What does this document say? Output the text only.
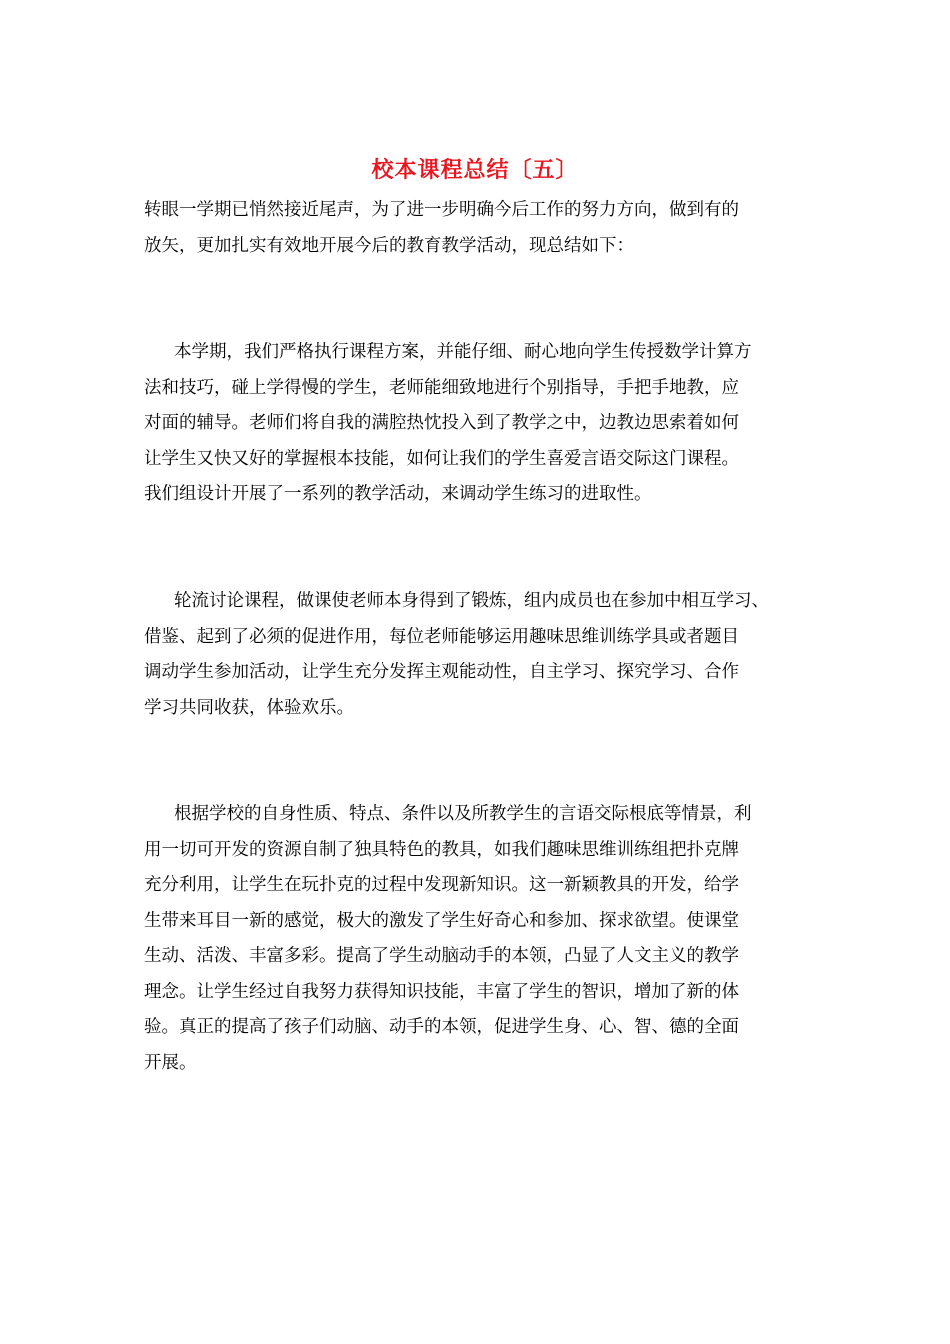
校本课程总结〔五〕
转眼一学期已悄然接近尾声，为了进一步明确今后工作的努力方向，做到有的
放矢，更加扎实有效地开展今后的教育教学活动，现总结如下：
本学期，我们严格执行课程方案，并能仔细、耐心地向学生传授数学计算方
法和技巧，碰上学得慢的学生，老师能细致地进行个别指导，手把手地教，应
对面的辅导。老师们将自我的满腔热忱投入到了教学之中，边教边思索着如何
让学生又快又好的掌握根本技能，如何让我们的学生喜爱言语交际这门课程。
我们组设计开展了一系列的教学活动，来调动学生练习的进取性。
轮流讨论课程，做课使老师本身得到了锻炼，组内成员也在参加中相互学习、
借鉴、起到了必须的促进作用，每位老师能够运用趣味思维训练学具或者题目
调动学生参加活动，让学生充分发挥主观能动性，自主学习、探究学习、合作
学习共同收获，体验欢乐。
根据学校的自身性质、特点、条件以及所教学生的言语交际根底等情景，利
用一切可开发的资源自制了独具特色的教具，如我们趣味思维训练组把扑克牌
充分利用，让学生在玩扑克的过程中发现新知识。这一新颖教具的开发，给学
生带来耳目一新的感觉，极大的激发了学生好奇心和参加、探求欲望。使课堂
生动、活泼、丰富多彩。提高了学生动脑动手的本领，凸显了人文主义的教学
理念。让学生经过自我努力获得知识技能，丰富了学生的智识，增加了新的体
验。真正的提高了孩子们动脑、动手的本领，促进学生身、心、智、德的全面
开展。
